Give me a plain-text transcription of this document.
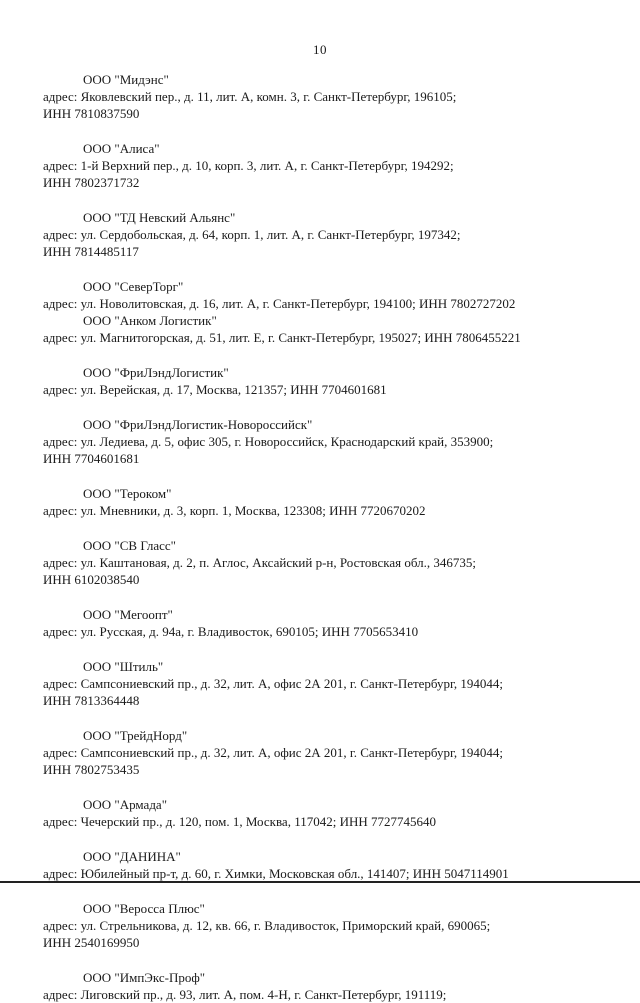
10
ООО "Мидэнс"
адрес: Яковлевский пер., д. 11, лит. А, комн. 3, г. Санкт-Петербург, 196105;
ИНН 7810837590
ООО "Алиса"
адрес: 1-й Верхний пер., д. 10, корп. 3, лит. А, г. Санкт-Петербург, 194292;
ИНН 7802371732
ООО "ТД Невский Альянс"
адрес: ул. Сердобольская, д. 64, корп. 1, лит. А, г. Санкт-Петербург, 197342;
ИНН 7814485117
ООО "СеверТорг"
адрес: ул. Новолитовская, д. 16, лит. А, г. Санкт-Петербург, 194100; ИНН 7802727202
ООО "Анком Логистик"
адрес: ул. Магнитогорская, д. 51, лит. Е, г. Санкт-Петербург, 195027; ИНН 7806455221
ООО "ФриЛэндЛогистик"
адрес: ул. Верейская, д. 17, Москва, 121357; ИНН 7704601681
ООО "ФриЛэндЛогистик-Новороссийск"
адрес: ул. Ледиева, д. 5, офис 305, г. Новороссийск, Краснодарский край, 353900;
ИНН 7704601681
ООО "Тероком"
адрес: ул. Мневники, д. 3, корп. 1, Москва, 123308; ИНН 7720670202
ООО "СВ Гласс"
адрес: ул. Каштановая, д. 2, п. Аглос, Аксайский р-н, Ростовская обл., 346735;
ИНН 6102038540
ООО "Мегоопт"
адрес: ул. Русская, д. 94а, г. Владивосток, 690105; ИНН 7705653410
ООО "Штиль"
адрес: Сампсониевский пр., д. 32, лит. А, офис 2А 201, г. Санкт-Петербург, 194044;
ИНН 7813364448
ООО "ТрейдНорд"
адрес: Сампсониевский пр., д. 32, лит. А, офис 2А 201, г. Санкт-Петербург, 194044;
ИНН 7802753435
ООО "Армада"
адрес: Чечерский пр., д. 120, пом. 1, Москва, 117042; ИНН 7727745640
ООО "ДАНИНА"
адрес: Юбилейный пр-т, д. 60, г. Химки, Московская обл., 141407; ИНН 5047114901
ООО "Веросса Плюс"
адрес: ул. Стрельникова, д. 12, кв. 66, г. Владивосток, Приморский край, 690065;
ИНН 2540169950
ООО "ИмпЭкс-Проф"
адрес: Лиговский пр., д. 93, лит. А, пом. 4-Н, г. Санкт-Петербург, 191119;
